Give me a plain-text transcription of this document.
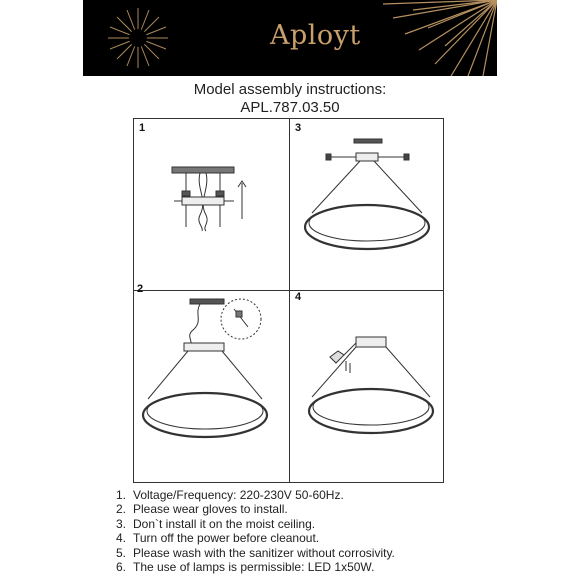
Aployt
Model assembly instructions:
APL.787.03.50
1	3
2
4
1. Voltage/Frequency: 220-230V 50-60Hz.
2. Please wear gloves to install.
3. Don`t install it on the moist ceiling.
4. Turn off the power before cleanout.
5. Please wash with the sanitizer without corrosivity.
6. The use of lamps is permissible: LED 1x50W.
